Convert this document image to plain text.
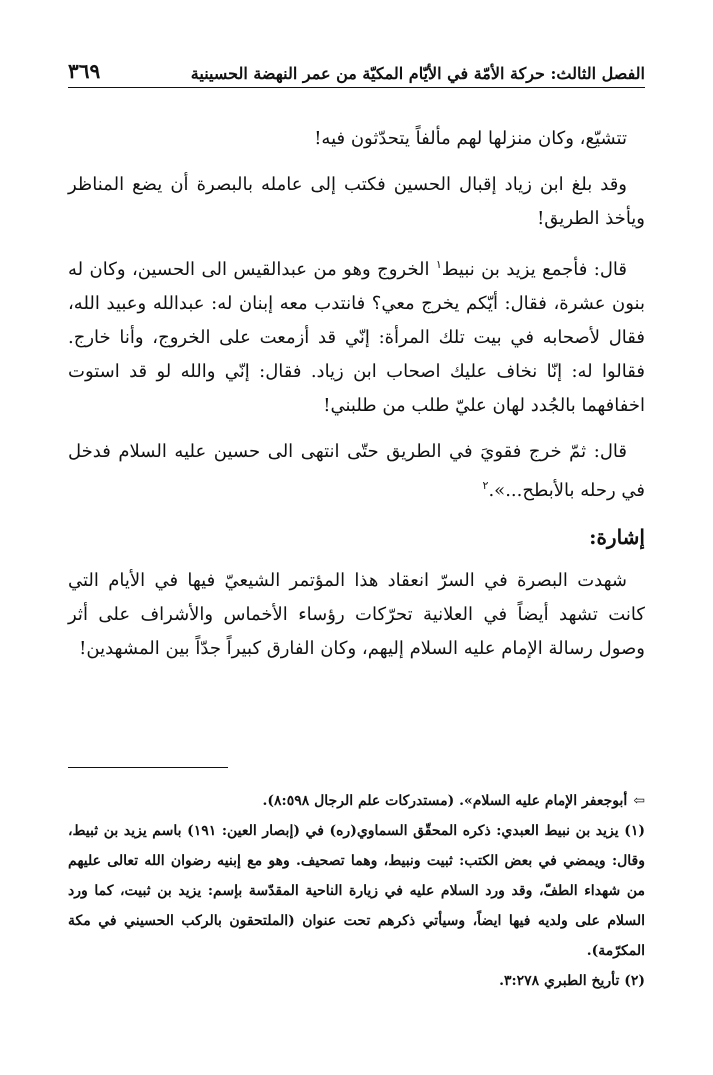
الفصل الثالث: حركة الأمّة في الأيّام المكيّة من عمر النهضة الحسينية
٣٦٩

تتشيّع، وكان منزلها لهم مألفاً يتحدّثون فيه!

وقد بلغ ابن زياد إقبال الحسين فكتب إلى عامله بالبصرة أن يضع المناظر ويأخذ الطريق!

قال: فأجمع يزيد بن نبيط$^١$ الخروج وهو من عبدالقيس الى الحسين، وكان له بنون عشرة، فقال: أيّكم يخرج معي؟ فانتدب معه إبنان له: عبدالله وعبيد الله، فقال لأصحابه في بيت تلك المرأة: إنّي قد أزمعت على الخروج، وأنا خارج. فقالوا له: إنّا نخاف عليك اصحاب ابن زياد. فقال: إنّي والله لو قد استوت اخفافهما بالجُدد لهان عليّ طلب من طلبني!

قال: ثمّ خرج فقويَ في الطريق حتّى انتهى الى حسين عليه السلام فدخل في رحله بالأبطح...».$^٢$

إشارة:

شهدت البصرة في السرّ انعقاد هذا المؤتمر الشيعيّ فيها في الأيام التي كانت تشهد أيضاً في العلانية تحرّكات رؤساء الأخماس والأشراف على أثر وصول رسالة الإمام عليه السلام إليهم، وكان الفارق كبيراً جدّاً بين المشهدين!

⇦أبوجعفر الإمام عليه السلام». (مستدركات علم الرجال ٨:٥٩٨).

(١) يزيد بن نبيط العبدي: ذكره المحقّق السماوي(ره) في (إبصار العين: ١٩١) باسم يزيد بن ثبيط، وقال: ويمضي في بعض الكتب: ثبيت ونبيط، وهما تصحيف. وهو مع إبنيه رضوان الله تعالى عليهم من شهداء الطفّ، وقد ورد السلام عليه في زيارة الناحية المقدّسة بإسم: يزيد بن ثبيت، كما ورد السلام على ولديه فيها ايضاً، وسيأتي ذكرهم تحت عنوان (الملتحقون بالركب الحسيني في مكة المكرّمة).

(٢) تأريخ الطبري ٣:٢٧٨.
